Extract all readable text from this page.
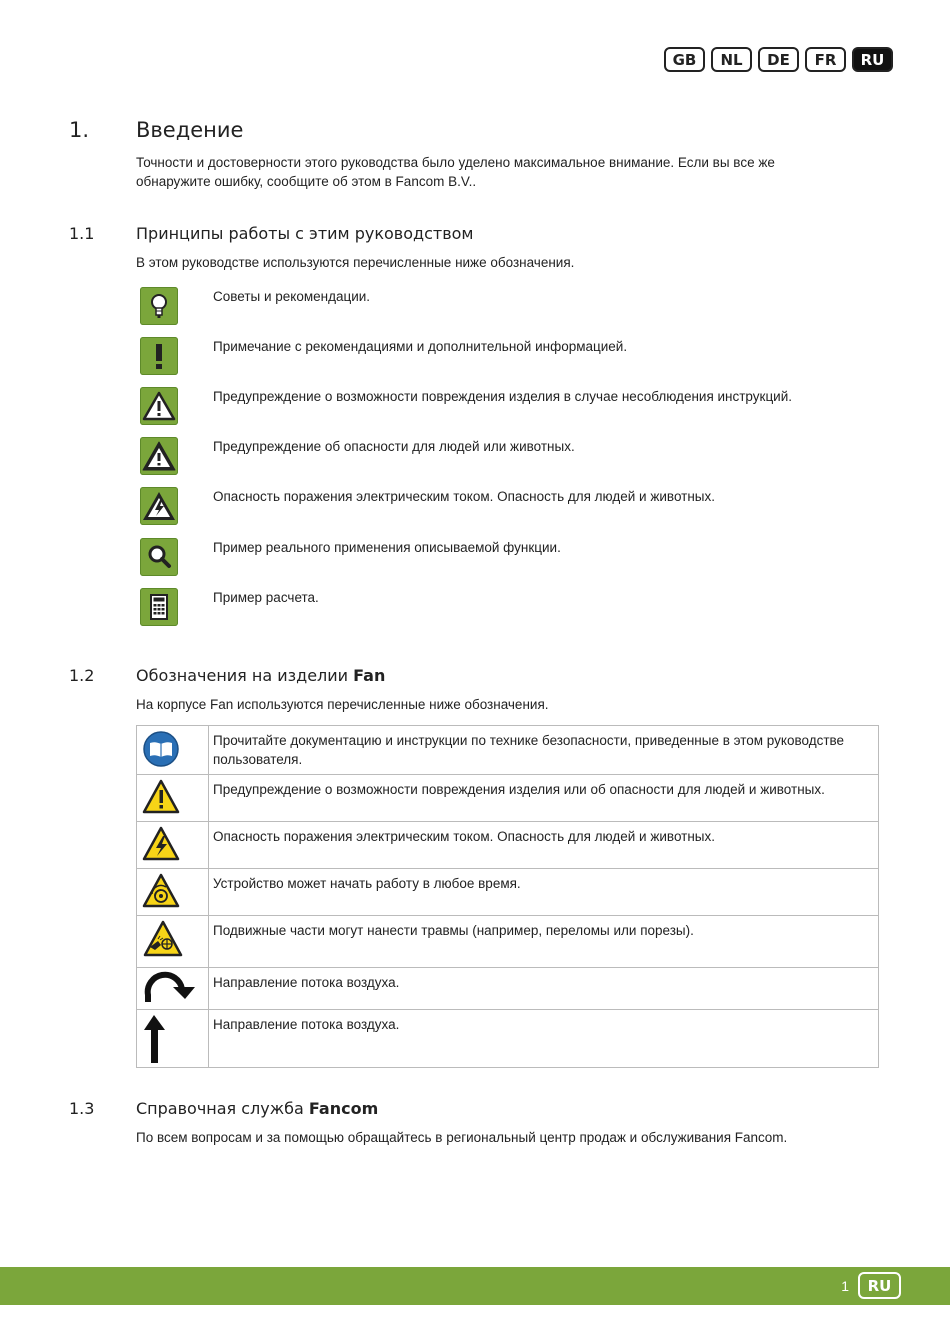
GB	NL	DE	FR	RU
1. Введение
Точности и достоверности этого руководства было уделено максимальное внимание. Если вы все же
обнаружите ошибку, сообщите об этом в Fancom B.V..
1.1	Принципы работы с этим руководством
В этом руководстве используются перечисленные ниже обозначения.
Советы и рекомендации.
Примечание с рекомендациями и дополнительной информацией.
Предупреждение о возможности повреждения изделия в случае несоблюдения инструкций.
Предупреждение об опасности для людей или животных.
Опасность поражения электрическим током. Опасность для людей и животных.
Пример реального применения описываемой функции.
Пример расчета.
1.2	Обозначения на изделии Fan
На корпусе Fan используются перечисленные ниже обозначения.
	Прочитайте документацию и инструкции по технике безопасности, приведенные в этом руководстве пользователя.

	Предупреждение о возможности повреждения изделия или об опасности для людей и животных.

	Опасность поражения электрическим током. Опасность для людей и животных.

	Устройство может начать работу в любое время.

	Подвижные части могут нанести травмы (например, переломы или порезы).

	Направление потока воздуха.

	Направление потока воздуха.
1.3	Справочная служба Fancom
По всем вопросам и за помощью обращайтесь в региональный центр продаж и обслуживания Fancom.
1	RU
